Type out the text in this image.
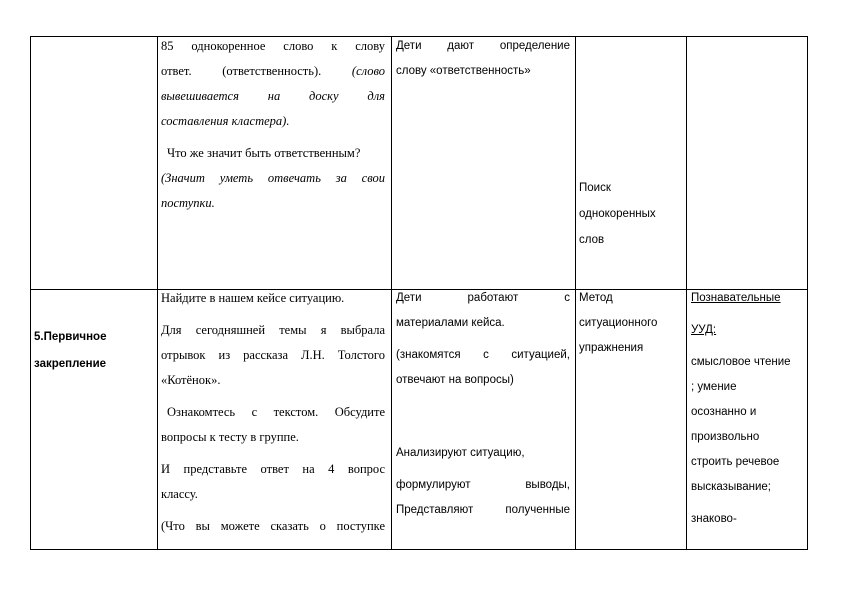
85 однокоренное слово к слову
ответ. (ответственность). (слово
вывешивается на доску для
составления кластера).
Что же значит быть ответственным?
(Значит уметь отвечать за свои
поступки.
Дети дают определение
слову «ответственность»
Поиск
однокоренных
слов
5.Первичное
закрепление
Найдите в нашем кейсе ситуацию.
Для сегодняшней темы я выбрала
отрывок из рассказа Л.Н. Толстого
«Котёнок».
Ознакомтесь с текстом. Обсудите
вопросы к тесту в группе.
И представьте ответ на 4 вопрос
классу.
(Что вы можете сказать о поступке
Дети работают с
материалами кейса.
(знакомятся с ситуацией,
отвечают на вопросы)
Анализируют ситуацию,
формулируют выводы,
Представляют полученные
Метод
ситуационного
упражнения
Познавательные
УУД:
смысловое чтение
; умение
осознанно и
произвольно
строить речевое
высказывание;
знаково-
